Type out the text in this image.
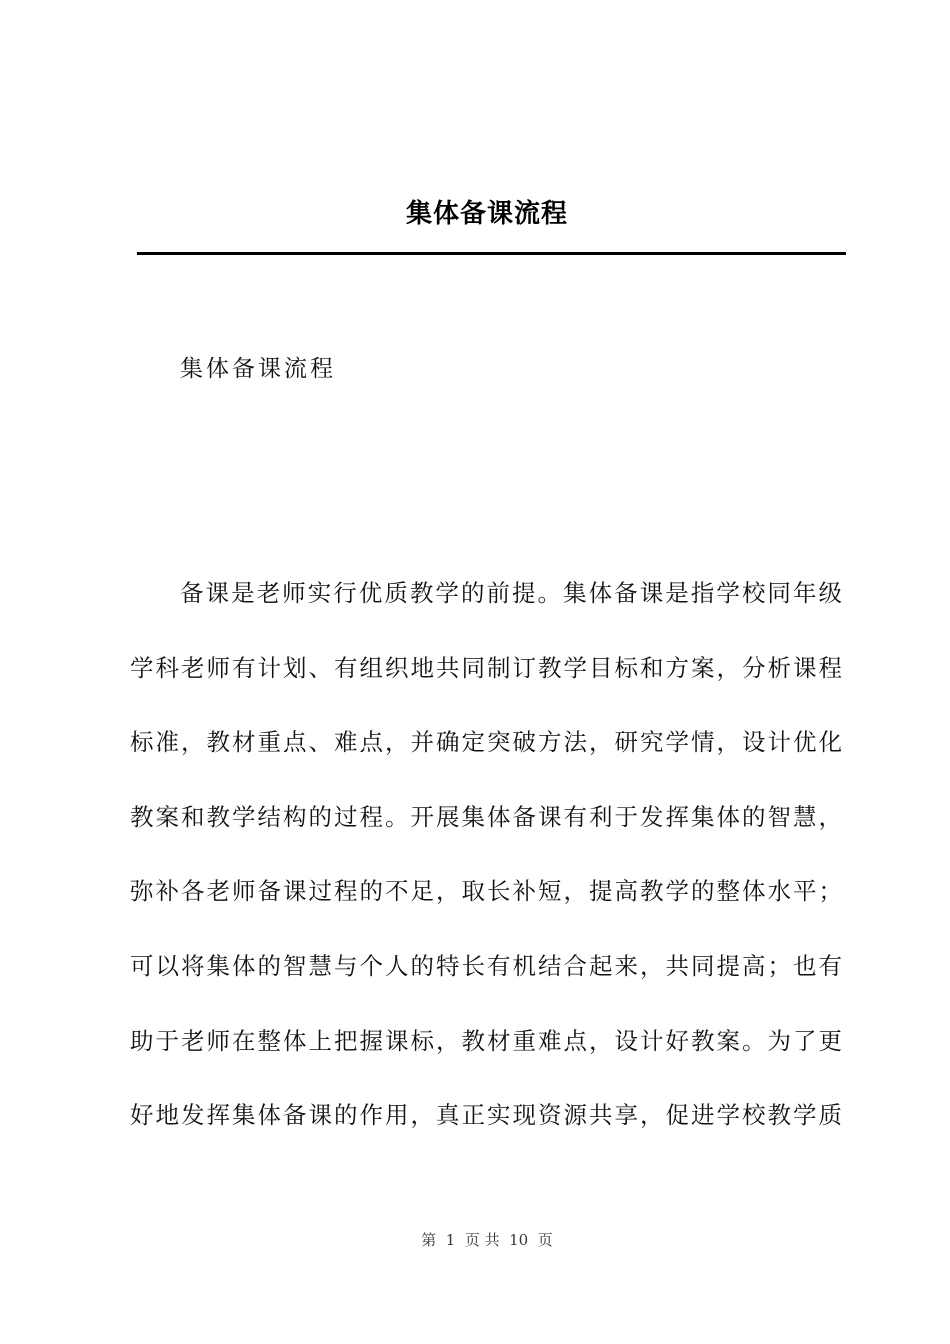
集体备课流程
集体备课流程
备课是老师实行优质教学的前提。集体备课是指学校同年级
学科老师有计划、有组织地共同制订教学目标和方案，分析课程
标准，教材重点、难点，并确定突破方法，研究学情，设计优化
教案和教学结构的过程。开展集体备课有利于发挥集体的智慧，
弥补各老师备课过程的不足，取长补短，提高教学的整体水平；
可以将集体的智慧与个人的特长有机结合起来，共同提高；也有
助于老师在整体上把握课标，教材重难点，设计好教案。为了更
好地发挥集体备课的作用，真正实现资源共享，促进学校教学质
第  1  页 共  10  页
